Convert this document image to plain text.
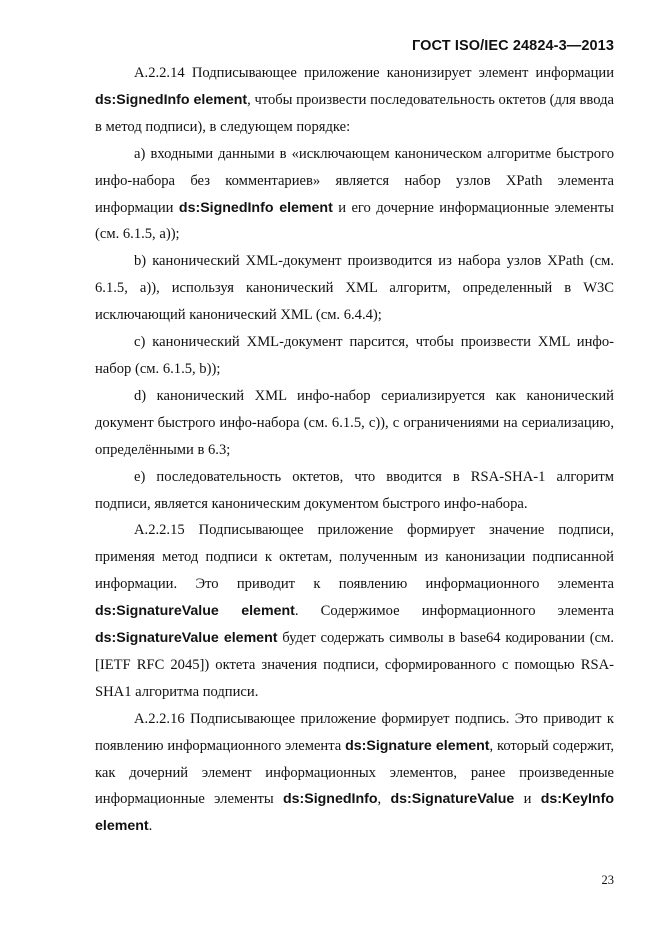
ГОСТ ISO/IEC 24824-3—2013

А.2.2.14 Подписывающее приложение канонизирует элемент информации ds:SignedInfo element, чтобы произвести последовательность октетов (для ввода в метод подписи), в следующем порядке:

а) входными данными в «исключающем каноническом алгоритме быстрого инфо-набора без комментариев» является набор узлов XPath элемента информации ds:SignedInfo element и его дочерние информационные элементы (см. 6.1.5, а));

b) канонический XML-документ производится из набора узлов XPath (см. 6.1.5, а)), используя канонический XML алгоритм, определенный в W3C исключающий канонический XML (см. 6.4.4);

c) канонический XML-документ парсится, чтобы произвести XML инфо-набор (см. 6.1.5, b));

d) канонический XML инфо-набор сериализируется как канонический документ быстрого инфо-набора (см. 6.1.5, с)), с ограничениями на сериализацию, определёнными в 6.3;

e) последовательность октетов, что вводится в RSA-SHA-1 алгоритм подписи, является каноническим документом быстрого инфо-набора.

А.2.2.15 Подписывающее приложение формирует значение подписи, применяя метод подписи к октетам, полученным из канонизации подписанной информации. Это приводит к появлению информационного элемента ds:SignatureValue element. Содержимое информационного элемента ds:SignatureValue element будет содержать символы в base64 кодировании (см. [IETF RFC 2045]) октета значения подписи, сформированного с помощью RSA-SHA1 алгоритма подписи.

А.2.2.16 Подписывающее приложение формирует подпись. Это приводит к появлению информационного элемента ds:Signature element, который содержит, как дочерний элемент информационных элементов, ранее произведенные информационные элементы ds:SignedInfo, ds:SignatureValue и ds:KeyInfo element.

23
